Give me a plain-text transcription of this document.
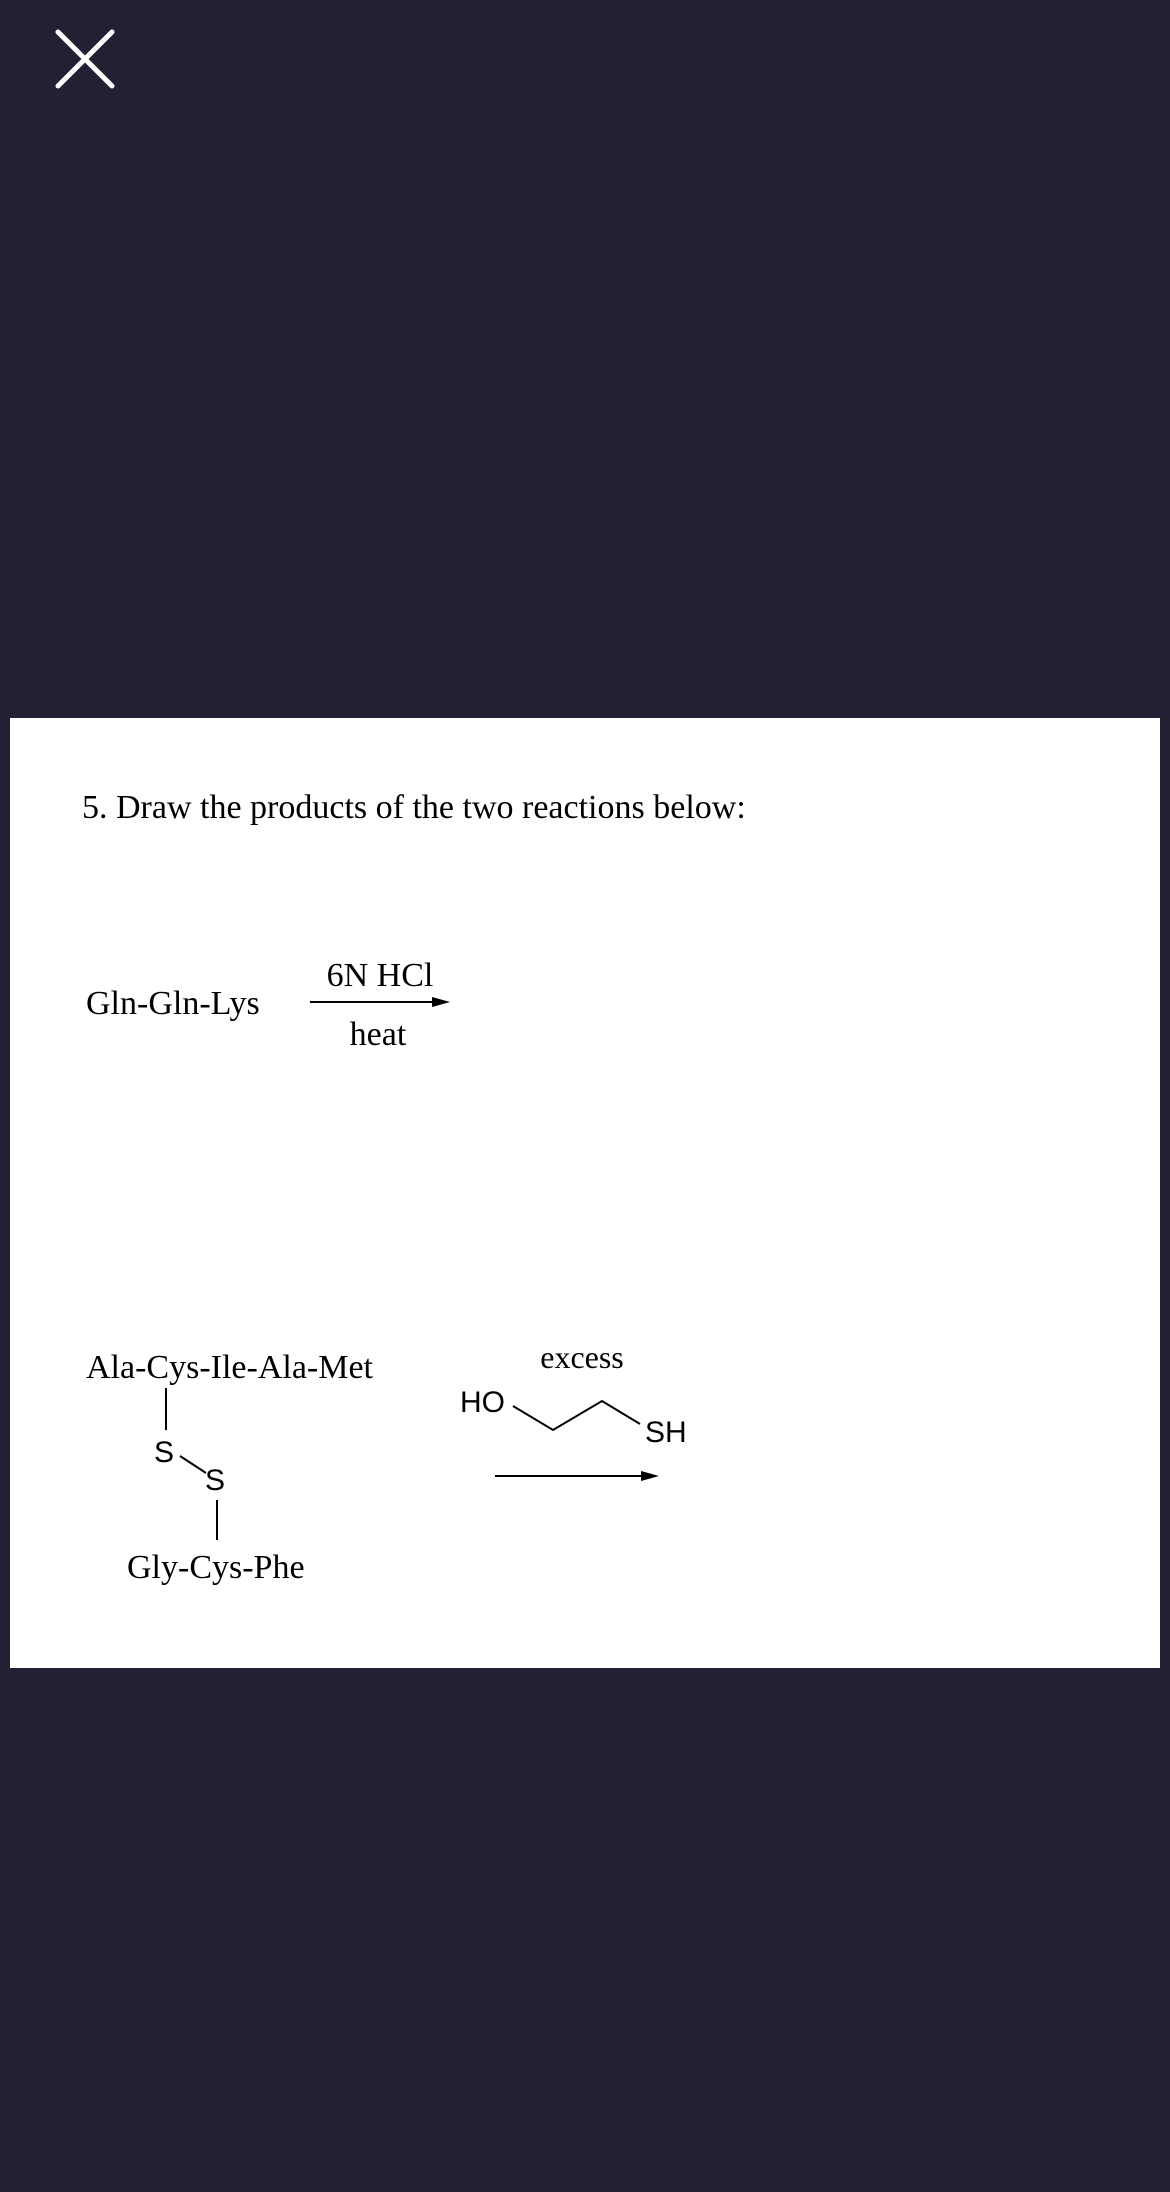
5. Draw the products of the two reactions below:
Gln-Gln-Lys
6N HCl
heat
Ala-Cys-Ile-Ala-Met
S
S
Gly-Cys-Phe
excess
HO
SH
